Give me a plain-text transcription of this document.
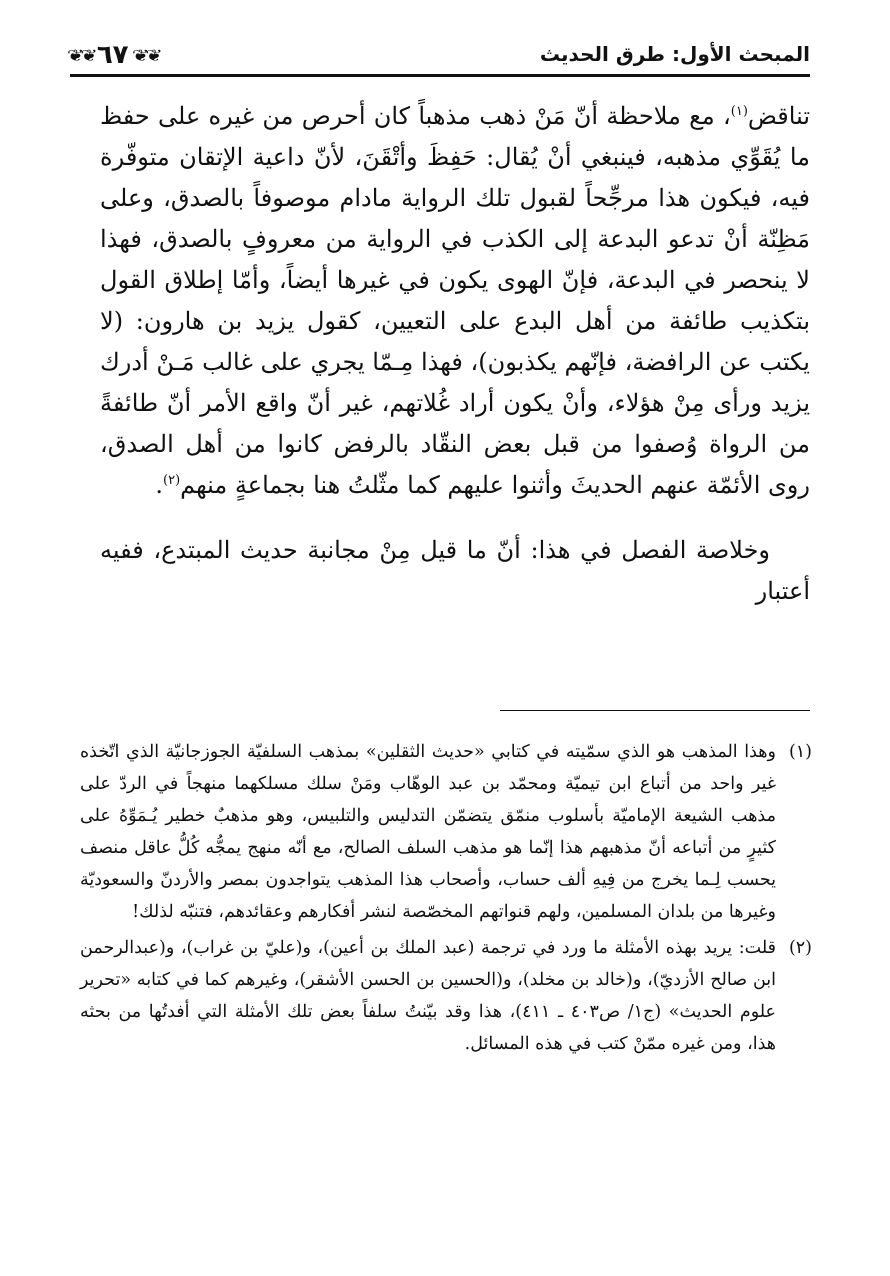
❦❦ ٦٧ ❦❦	المبحث الأول: طرق الحديث

تناقض$^{(١)}$، مع ملاحظة أنّ مَنْ ذهب مذهباً كان أحرص من غيره على حفظ ما يُقَوِّي مذهبه، فينبغي أنْ يُقال: حَفِظَ وأتْقَنَ، لأنّ داعية الإتقان متوفّرة فيه، فيكون هذا مرجِّحاً لقبول تلك الرواية مادام موصوفاً بالصدق، وعلى مَظِنّة أنْ تدعو البدعة إلى الكذب في الرواية من معروفٍ بالصدق، فهذا لا ينحصر في البدعة، فإنّ الهوى يكون في غيرها أيضاً، وأمّا إطلاق القول بتكذيب طائفة من أهل البدع على التعيين، كقول يزيد بن هارون: (لا يكتب عن الرافضة، فإنّهم يكذبون)، فهذا مِـمّا يجري على غالب مَـنْ أدرك يزيد ورأى مِنْ هؤلاء، وأنْ يكون أراد غُلاتهم، غير أنّ واقع الأمر أنّ طائفةً من الرواة وُصفوا من قبل بعض النقّاد بالرفض كانوا من أهل الصدق، روى الأئمّة عنهم الحديثَ وأثنوا عليهم كما مثّلتُ هنا بجماعةٍ منهم$^{(٢)}$.

وخلاصة الفصل في هذا: أنّ ما قيل مِنْ مجانبة حديث المبتدع، ففيه أعتبار

(١)
وهذا المذهب هو الذي سمّيته في كتابي «حديث الثقلين» بمذهب السلفيّة الجوزجانيّة الذي اتّخذه غير واحد من أتباع ابن تيميّة ومحمّد بن عبد الوهّاب ومَنْ سلك مسلكهما منهجاً في الردّ على مذهب الشيعة الإماميّة بأسلوب منمّق يتضمّن التدليس والتلبيس، وهو مذهبٌ خطير يُـمَوِّهُ على كثيرٍ من أتباعه أنّ مذهبهم هذا إنّما هو مذهب السلف الصالح، مع أنّه منهج يمجُّه كُلُّ عاقل منصف يحسب لِـما يخرج من فِيهِ ألف حساب، وأصحاب هذا المذهب يتواجدون بمصر والأردنّ والسعوديّة وغيرها من بلدان المسلمين، ولهم قنواتهم المخصّصة لنشر أفكارهم وعقائدهم، فتنبّه لذلك!
(٢)
قلت: يريد بهذه الأمثلة ما ورد في ترجمة (عبد الملك بن أعين)، و(عليّ بن غراب)، و(عبدالرحمن ابن صالح الأزديّ)، و(خالد بن مخلد)، و(الحسين بن الحسن الأشقر)، وغيرهم كما في كتابه «تحرير علوم الحديث» (ج١/ ص٤٠٣ ـ ٤١١)، هذا وقد بيّنتُ سلفاً بعض تلك الأمثلة التي أفدتُها من بحثه هذا، ومن غيره ممّنْ كتب في هذه المسائل.
